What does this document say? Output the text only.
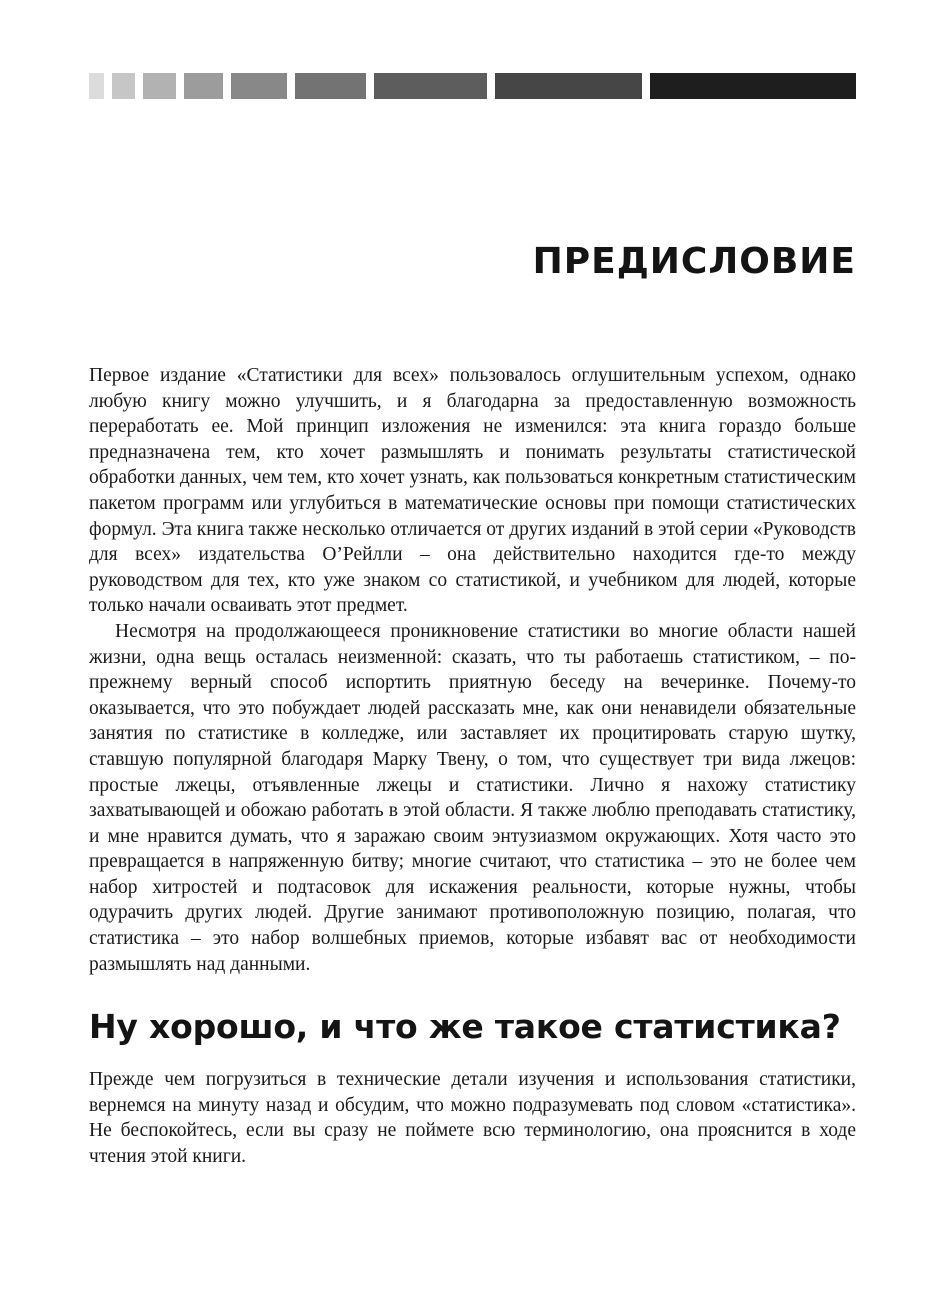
ПРЕДИСЛОВИЕ

Первое издание «Статистики для всех» пользовалось оглушительным успехом, однако любую книгу можно улучшить, и я благодарна за предоставленную возможность переработать ее. Мой принцип изложения не изменился: эта книга гораздо больше предназначена тем, кто хочет размышлять и понимать результаты статистической обработки данных, чем тем, кто хочет узнать, как пользоваться конкретным статистическим пакетом программ или углубиться в математические основы при помощи статистических формул. Эта книга также несколько отличается от других изданий в этой серии «Руководств для всех» издательства О’Рейлли – она действительно находится где-то между руководством для тех, кто уже знаком со статистикой, и учебником для людей, которые только начали осваивать этот предмет.

Несмотря на продолжающееся проникновение статистики во многие области нашей жизни, одна вещь осталась неизменной: сказать, что ты работаешь статистиком, – по-прежнему верный способ испортить приятную беседу на вечеринке. Почему-то оказывается, что это побуждает людей рассказать мне, как они ненавидели обязательные занятия по статистике в колледже, или заставляет их процитировать старую шутку, ставшую популярной благодаря Марку Твену, о том, что существует три вида лжецов: простые лжецы, отъявленные лжецы и статистики. Лично я нахожу статистику захватывающей и обожаю работать в этой области. Я также люблю преподавать статистику, и мне нравится думать, что я заражаю своим энтузиазмом окружающих. Хотя часто это превращается в напряженную битву; многие считают, что статистика – это не более чем набор хитростей и подтасовок для искажения реальности, которые нужны, чтобы одурачить других людей. Другие занимают противоположную позицию, полагая, что статистика – это набор волшебных приемов, которые избавят вас от необходимости размышлять над данными.

Ну хорошо, и что же такое статистика?

Прежде чем погрузиться в технические детали изучения и использования статистики, вернемся на минуту назад и обсудим, что можно подразумевать под словом «статистика». Не беспокойтесь, если вы сразу не поймете всю терминологию, она прояснится в ходе чтения этой книги.
